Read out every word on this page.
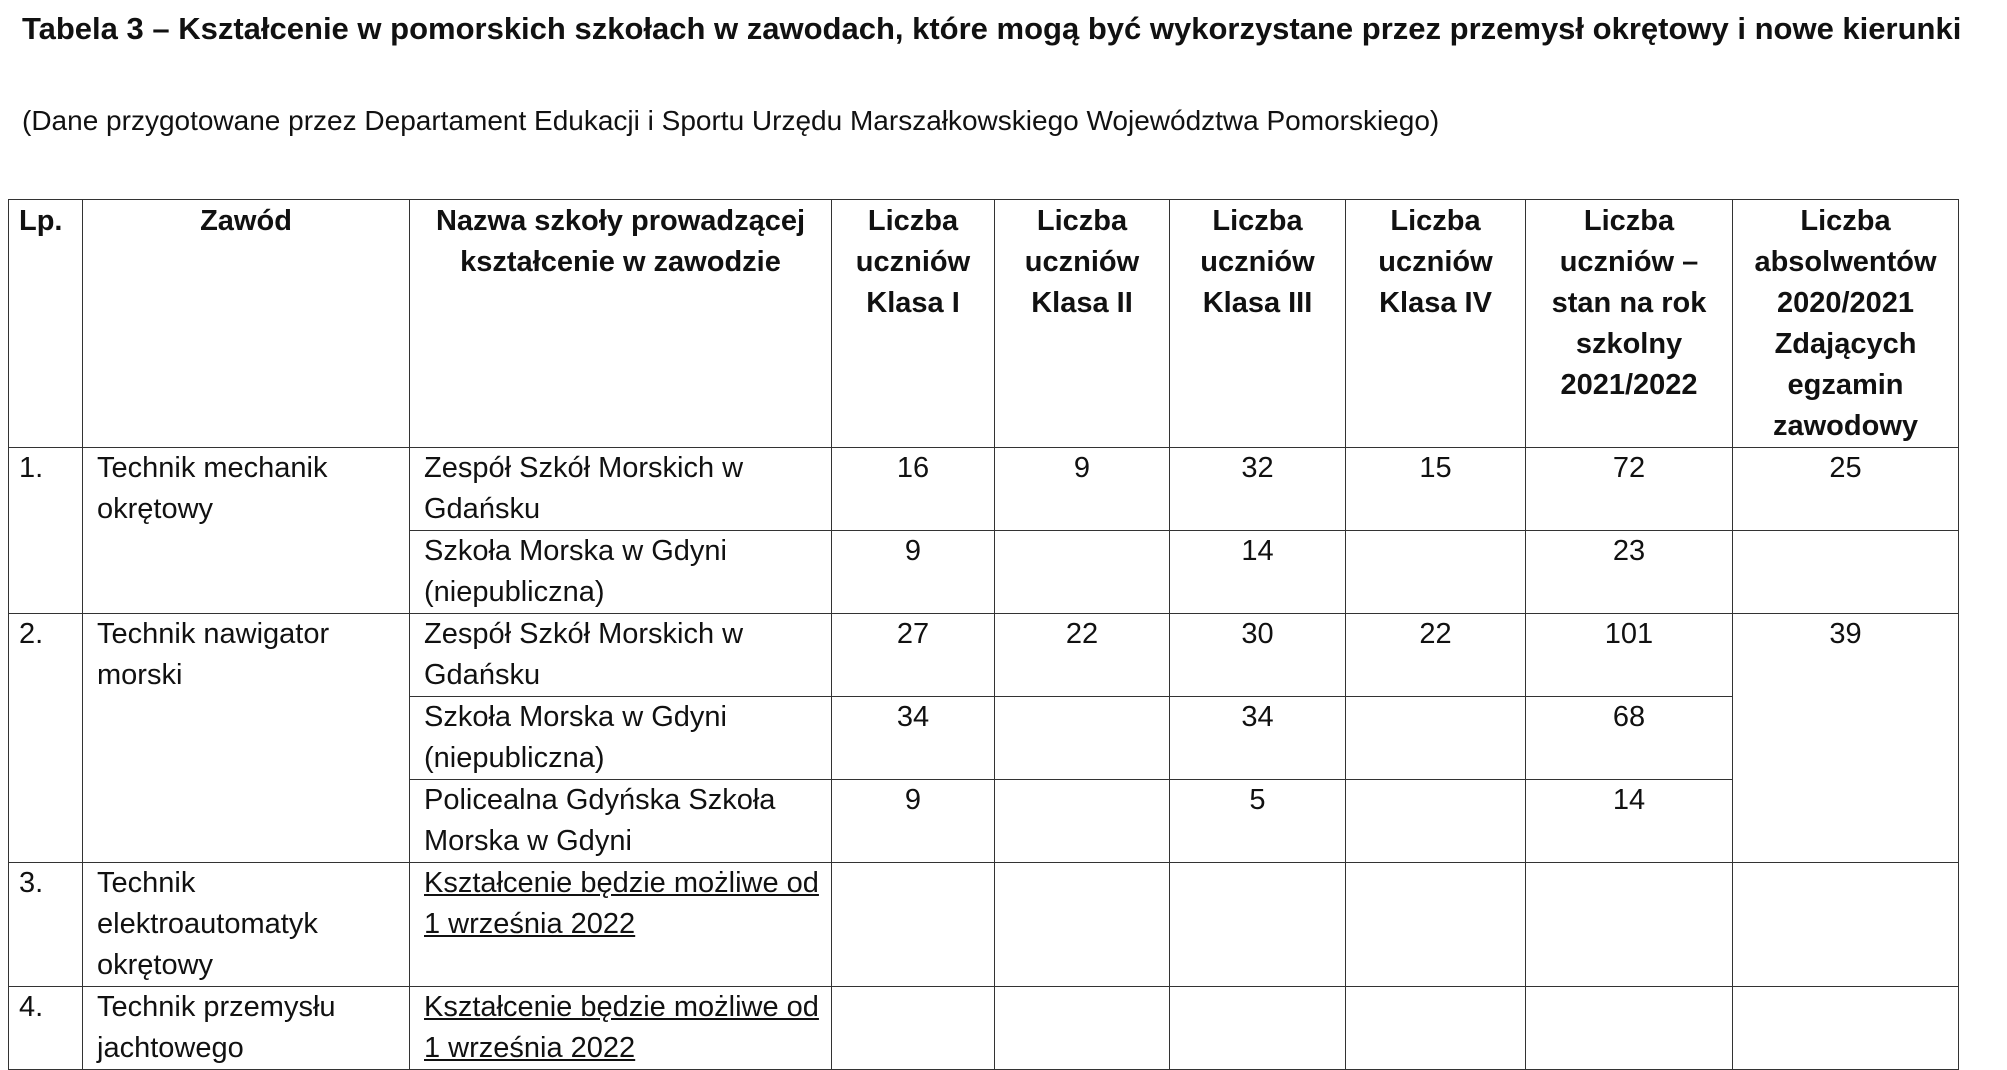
Tabela 3 – Kształcenie w pomorskich szkołach w zawodach, które mogą być wykorzystane przez przemysł okrętowy i nowe kierunki

(Dane przygotowane przez Departament Edukacji i Sportu Urzędu Marszałkowskiego Województwa Pomorskiego)

Lp.	Zawód	Nazwa szkoły prowadzącej kształcenie w zawodzie	Liczba uczniów Klasa I	Liczba uczniów Klasa II	Liczba uczniów Klasa III	Liczba uczniów Klasa IV	Liczba uczniów – stan na rok szkolny 2021/2022	Liczba absolwentów 2020/2021 Zdających egzamin zawodowy
1.	Technik mechanik okrętowy	Zespół Szkół Morskich w Gdańsku	16	9	32	15	72	25
		Szkoła Morska w Gdyni (niepubliczna)	9		14		23	
2.	Technik nawigator morski	Zespół Szkół Morskich w Gdańsku	27	22	30	22	101	39
		Szkoła Morska w Gdyni (niepubliczna)	34		34		68	
		Policealna Gdyńska Szkoła Morska w Gdyni	9		5		14	
3.	Technik elektroautomatyk okrętowy	Kształcenie będzie możliwe od 1 września 2022						
4.	Technik przemysłu jachtowego	Kształcenie będzie możliwe od 1 września 2022						
